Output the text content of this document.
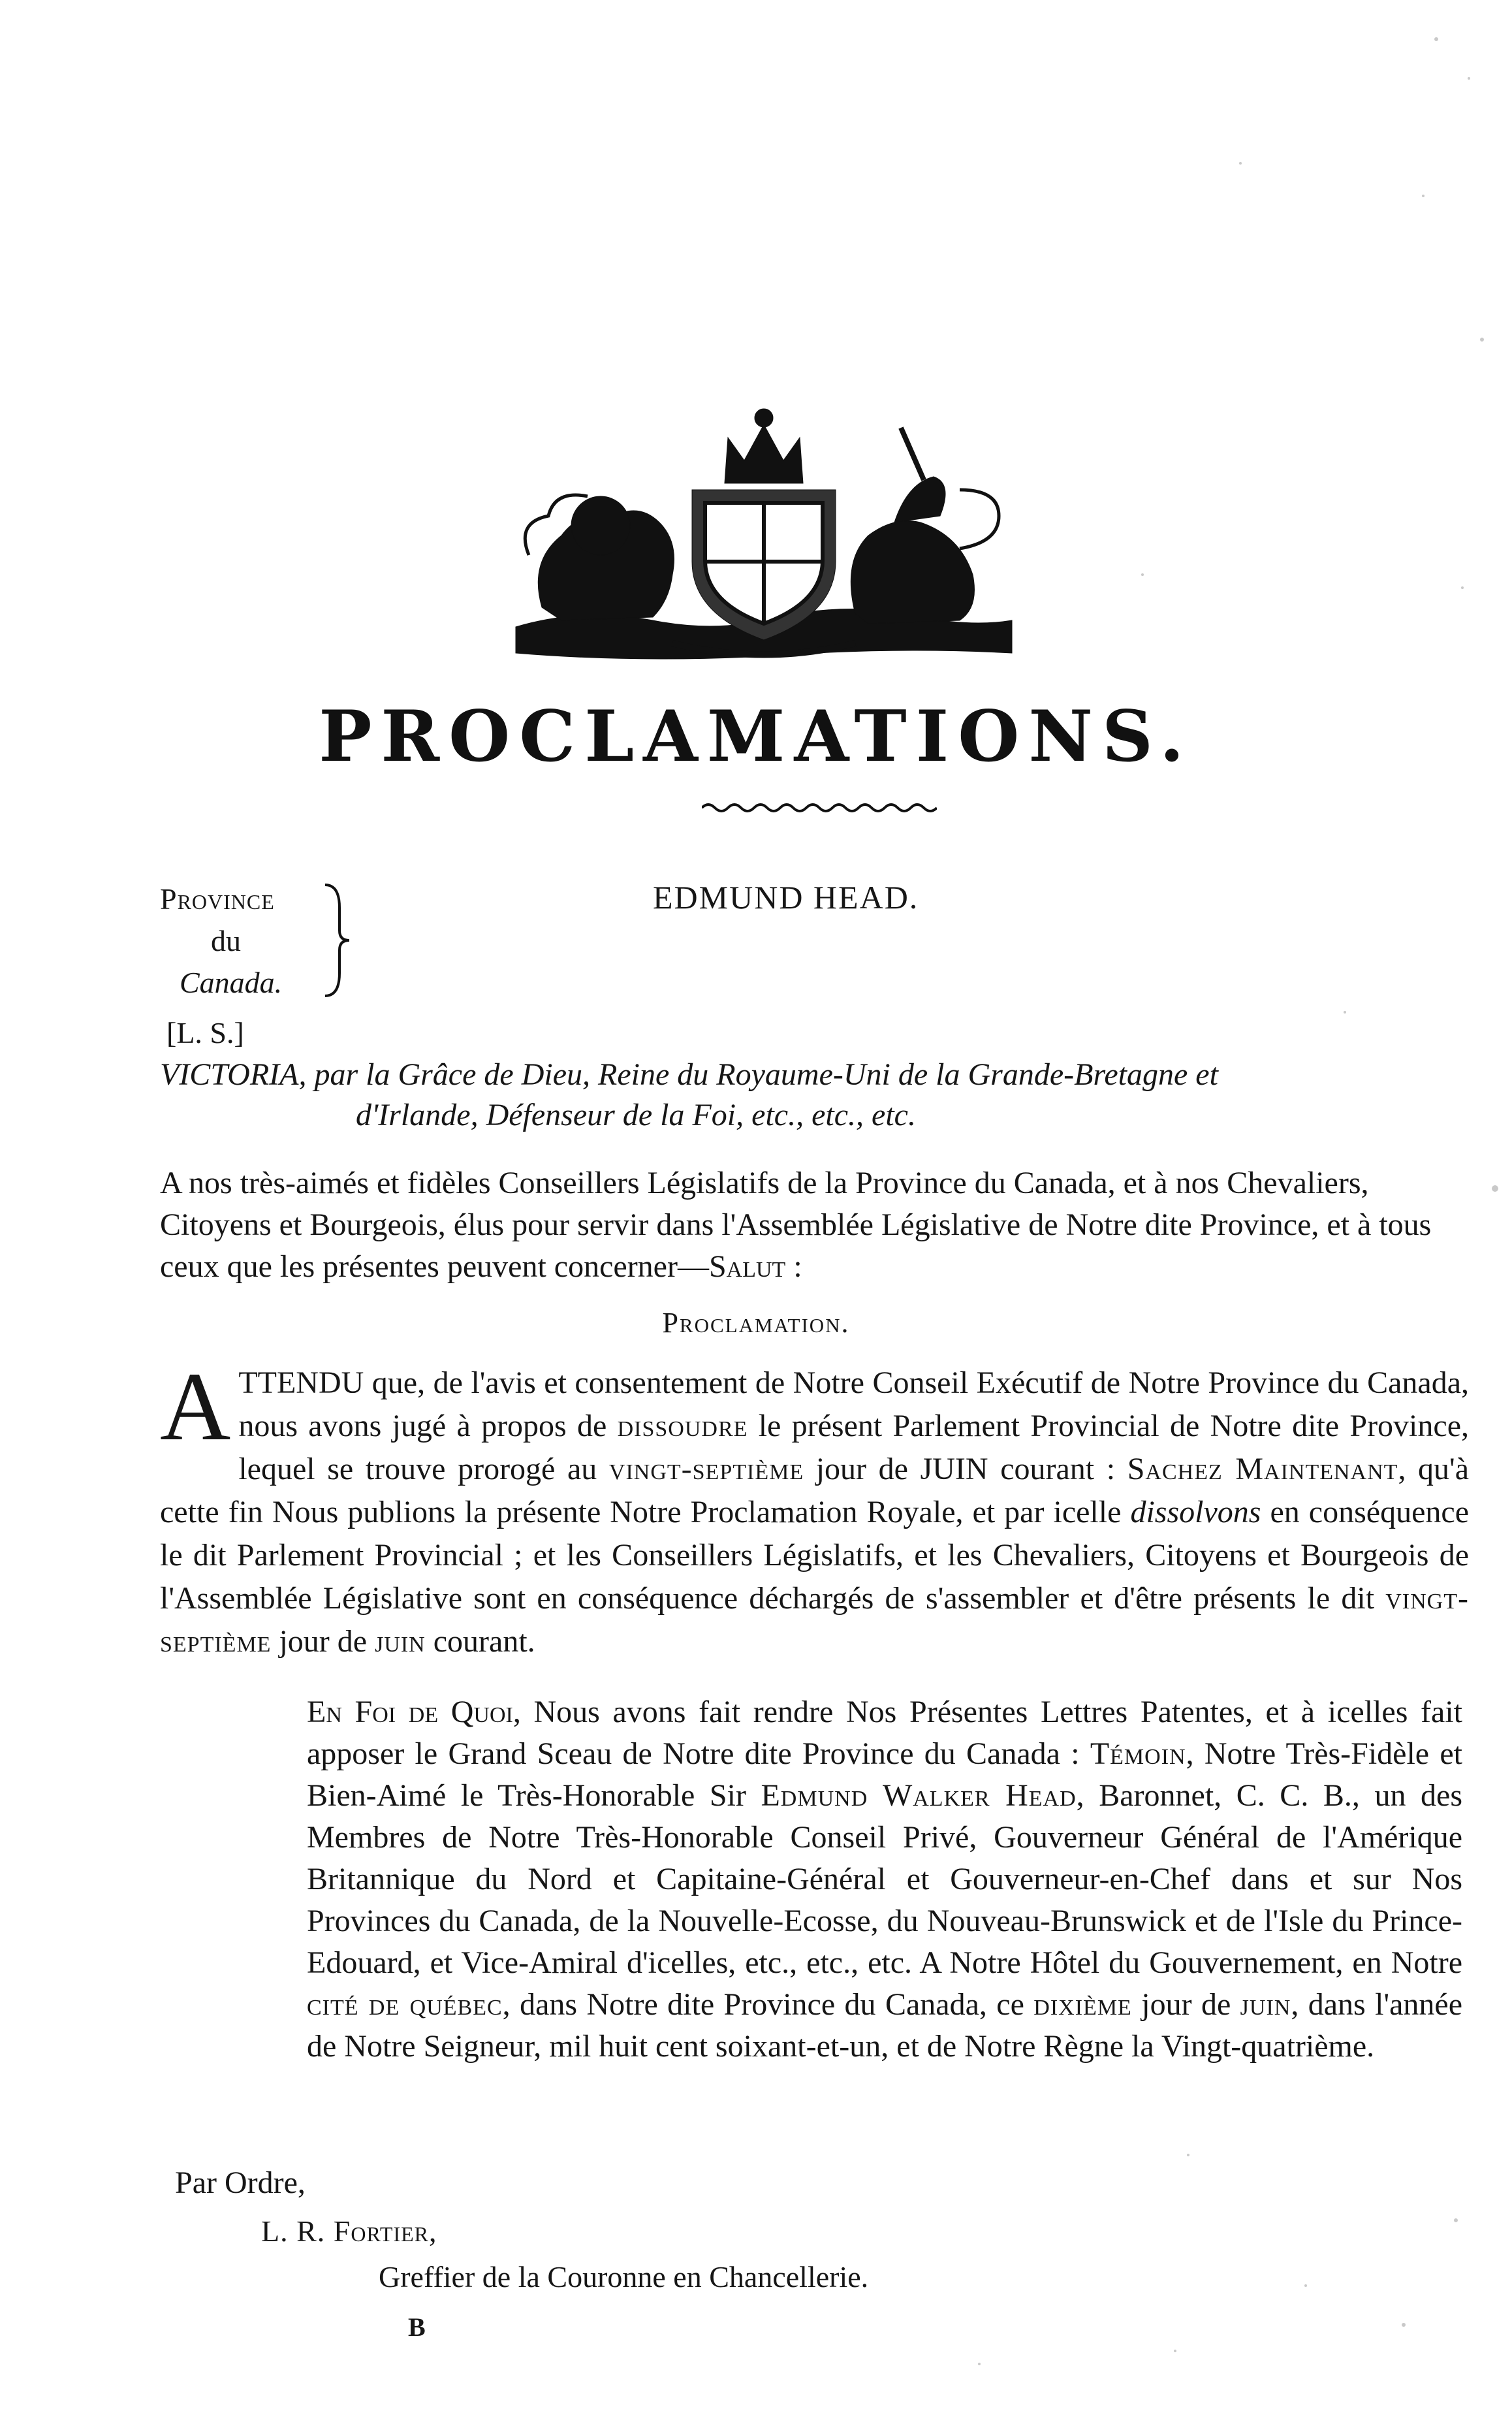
PROCLAMATIONS.
Province
du
Canada.
EDMUND HEAD.
[L. S.]
VICTORIA, par la Grâce de Dieu, Reine du Royaume-Uni de la Grande-Bretagne et
d'Irlande, Défenseur de la Foi, etc., etc., etc.
A nos très-aimés et fidèles Conseillers Législatifs de la Province du Canada, et à nos Chevaliers, Citoyens et Bourgeois, élus pour servir dans l'Assemblée Législative de Notre dite Province, et à tous ceux que les présentes peuvent concerner—Salut :
Proclamation.
ATTENDU que, de l'avis et consentement de Notre Conseil Exécutif de Notre Province du Canada, nous avons jugé à propos de dissoudre le présent Parlement Provincial de Notre dite Province, lequel se trouve prorogé au vingt-septième jour de JUIN courant : Sachez Maintenant, qu'à cette fin Nous publions la présente Notre Proclamation Royale, et par icelle dissolvons en conséquence le dit Parlement Provincial ; et les Conseillers Législatifs, et les Chevaliers, Citoyens et Bourgeois de l'Assemblée Législative sont en conséquence déchargés de s'assembler et d'être présents le dit vingt-septième jour de juin courant.
En Foi de Quoi, Nous avons fait rendre Nos Présentes Lettres Patentes, et à icelles fait apposer le Grand Sceau de Notre dite Province du Canada : Témoin, Notre Très-Fidèle et Bien-Aimé le Très-Honorable Sir Edmund Walker Head, Baronnet, C. C. B., un des Membres de Notre Très-Honorable Conseil Privé, Gouverneur Général de l'Amérique Britannique du Nord et Capitaine-Général et Gouverneur-en-Chef dans et sur Nos Provinces du Canada, de la Nouvelle-Ecosse, du Nouveau-Brunswick et de l'Isle du Prince-Edouard, et Vice-Amiral d'icelles, etc., etc., etc. A Notre Hôtel du Gouvernement, en Notre cité de québec, dans Notre dite Province du Canada, ce dixième jour de juin, dans l'année de Notre Seigneur, mil huit cent soixant-et-un, et de Notre Règne la Vingt-quatrième.
Par Ordre,
L. R. Fortier,
Greffier de la Couronne en Chancellerie.
B
